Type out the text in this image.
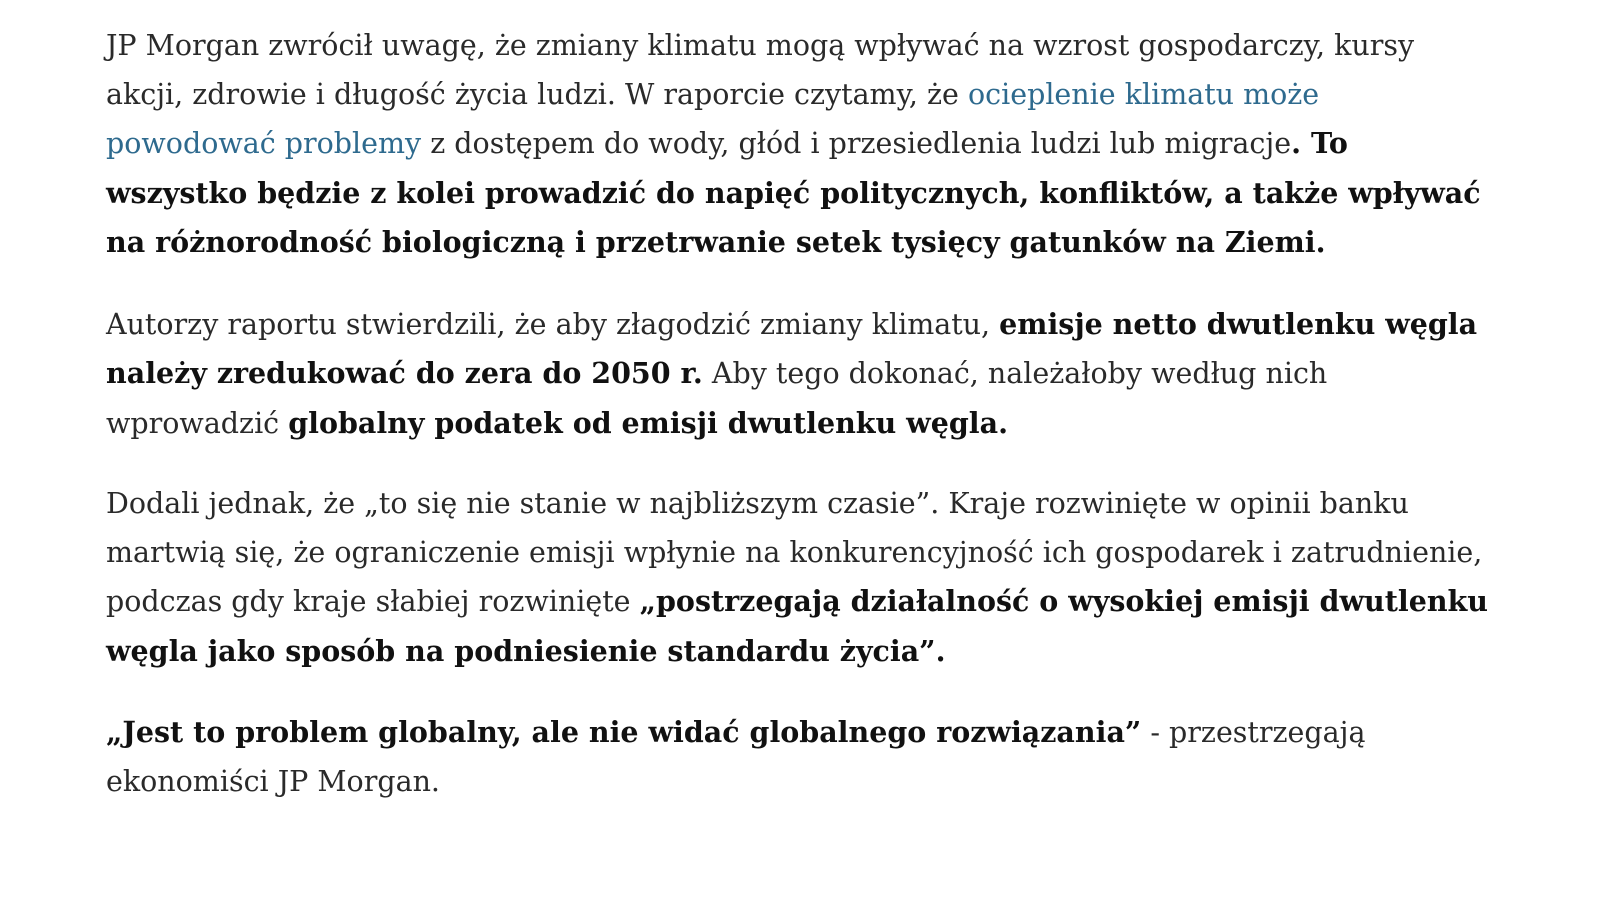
JP Morgan zwrócił uwagę, że zmiany klimatu mogą wpływać na wzrost gospodarczy, kursy akcji, zdrowie i długość życia ludzi. W raporcie czytamy, że ocieplenie klimatu może powodować problemy z dostępem do wody, głód i przesiedlenia ludzi lub migracje. To wszystko będzie z kolei prowadzić do napięć politycznych, konfliktów, a także wpływać na różnorodność biologiczną i przetrwanie setek tysięcy gatunków na Ziemi.

Autorzy raportu stwierdzili, że aby złagodzić zmiany klimatu, emisje netto dwutlenku węgla należy zredukować do zera do 2050 r. Aby tego dokonać, należałoby według nich wprowadzić globalny podatek od emisji dwutlenku węgla.

Dodali jednak, że „to się nie stanie w najbliższym czasie”. Kraje rozwinięte w opinii banku martwią się, że ograniczenie emisji wpłynie na konkurencyjność ich gospodarek i zatrudnienie, podczas gdy kraje słabiej rozwinięte „postrzegają działalność o wysokiej emisji dwutlenku węgla jako sposób na podniesienie standardu życia”.

„Jest to problem globalny, ale nie widać globalnego rozwiązania” - przestrzegają ekonomiści JP Morgan.
